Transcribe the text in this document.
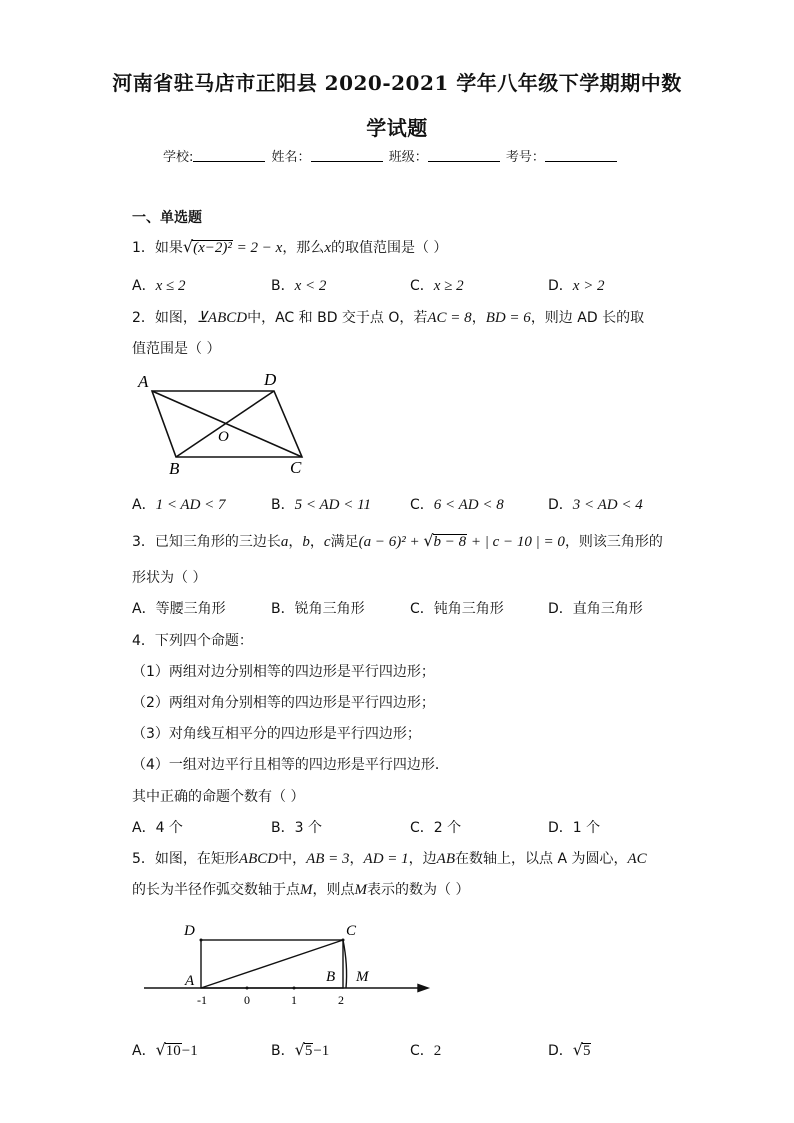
河南省驻马店市正阳县 2020-2021 学年八年级下学期期中数
学试题
学校:	姓名：	班级：	考号：
一、单选题
1．如果√(x−2)² = 2 − x，那么x的取值范围是（ ）
A．x ≤ 2	B．x < 2	C．x ≥ 2	D．x > 2
2．如图，⊻ABCD中，AC 和 BD 交于点 O，若AC = 8，BD = 6，则边 AD 长的取
值范围是（ ）
A	D
O
B	C
A．1 < AD < 7	B．5 < AD < 11	C．6 < AD < 8	D．3 < AD < 4
3．已知三角形的三边长a，b，c满足(a − 6)² + √b − 8 + | c − 10 | = 0，则该三角形的
形状为（ ）
A．等腰三角形	B．锐角三角形	C．钝角三角形	D．直角三角形
4．下列四个命题：
（1）两组对边分别相等的四边形是平行四边形；
（2）两组对角分别相等的四边形是平行四边形；
（3）对角线互相平分的四边形是平行四边形；
（4）一组对边平行且相等的四边形是平行四边形．
其中正确的命题个数有（ ）
A．4 个	B．3 个	C．2 个	D．1 个
5．如图，在矩形ABCD中，AB = 3，AD = 1，边AB在数轴上，以点 A 为圆心，AC
的长为半径作弧交数轴于点M，则点M表示的数为（ ）
D	C
A	B M
-1	0	1	2
A．√10−1	B．√5−1	C．2	D．√5
